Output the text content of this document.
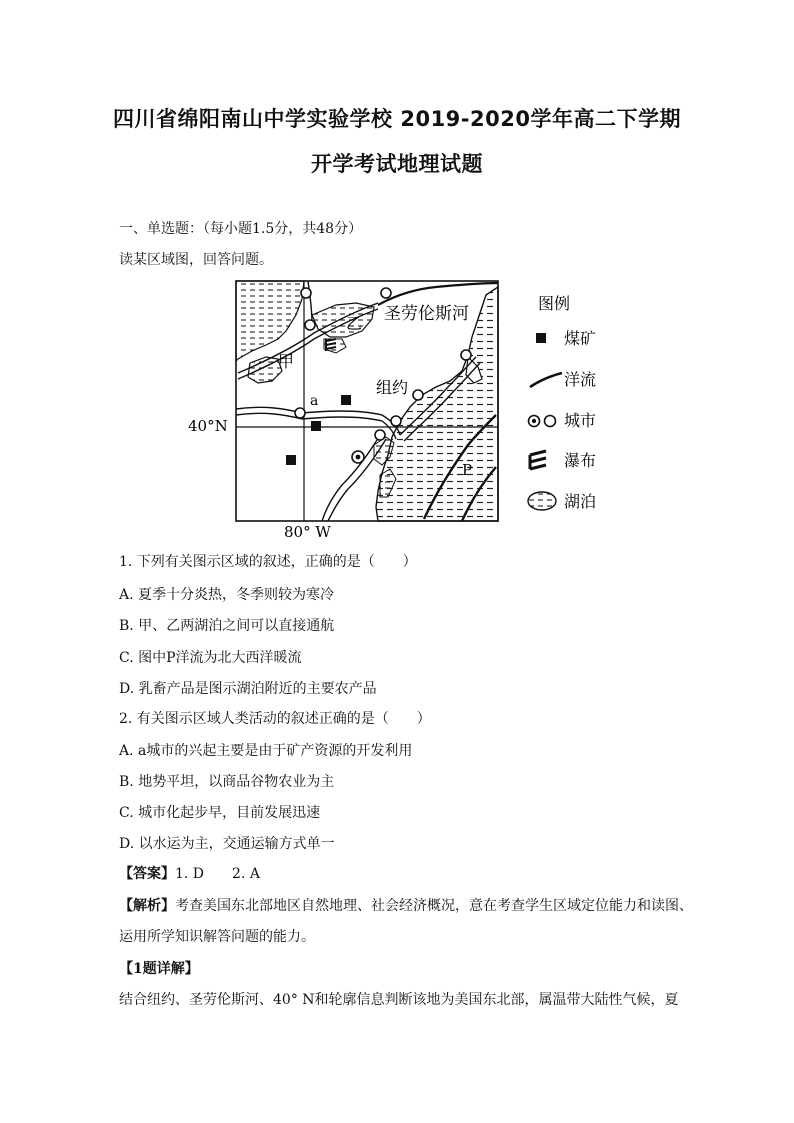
四川省绵阳南山中学实验学校 2019-2020学年高二下学期
开学考试地理试题
一、单选题：（每小题1.5分，共48分）
读某区域图，回答问题。
圣劳伦斯河
乙
甲
a
组约
P
40°N
80° W
图例
煤矿
洋流
城市
瀑布
湖泊
1. 下列有关图示区域的叙述，正确的是（　　）
A. 夏季十分炎热，冬季则较为寒冷
B. 甲、乙两湖泊之间可以直接通航
C. 图中P洋流为北大西洋暖流
D. 乳畜产品是图示湖泊附近的主要农产品
2. 有关图示区域人类活动的叙述正确的是（　　）
A. a城市的兴起主要是由于矿产资源的开发利用
B. 地势平坦，以商品谷物农业为主
C. 城市化起步早，目前发展迅速
D. 以水运为主，交通运输方式单一
【答案】1. D　　2. A
【解析】考查美国东北部地区自然地理、社会经济概况，意在考查学生区域定位能力和读图、
运用所学知识解答问题的能力。
【1题详解】
结合纽约、圣劳伦斯河、40° N和轮廓信息判断该地为美国东北部，属温带大陆性气候，夏
